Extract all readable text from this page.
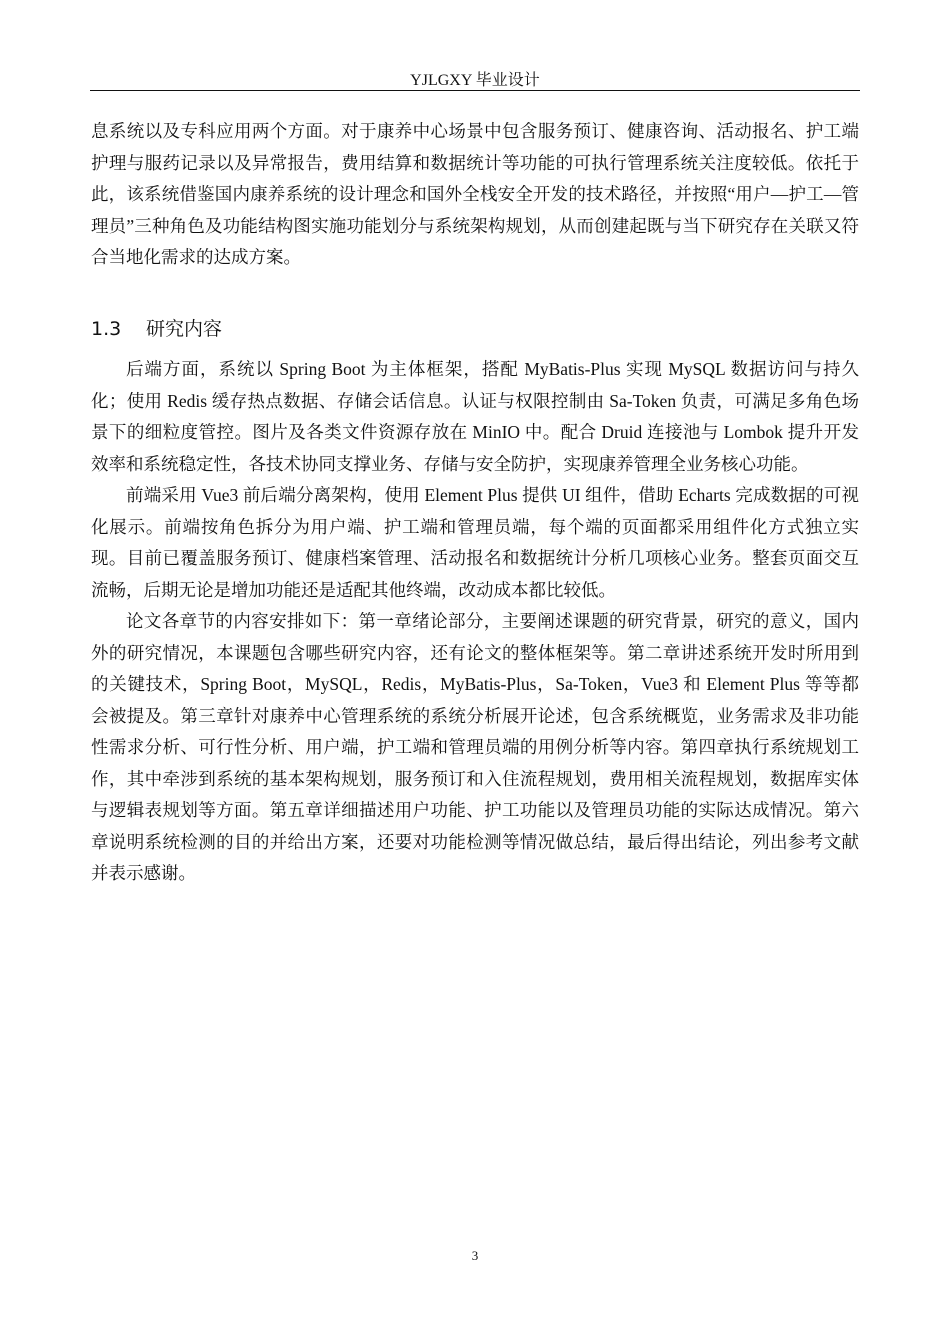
YJLGXY 毕业设计

息系统以及专科应用两个方面。对于康养中心场景中包含服务预订、健康咨询、活动报名、护工端护理与服药记录以及异常报告，费用结算和数据统计等功能的可执行管理系统关注度较低。依托于此，该系统借鉴国内康养系统的设计理念和国外全栈安全开发的技术路径，并按照“用户—护工—管理员”三种角色及功能结构图实施功能划分与系统架构规划，从而创建起既与当下研究存在关联又符合当地化需求的达成方案。

1.3 研究内容

后端方面，系统以 Spring Boot 为主体框架，搭配 MyBatis-Plus 实现 MySQL 数据访问与持久化；使用 Redis 缓存热点数据、存储会话信息。认证与权限控制由 Sa-Token 负责，可满足多角色场景下的细粒度管控。图片及各类文件资源存放在 MinIO 中。配合 Druid 连接池与 Lombok 提升开发效率和系统稳定性，各技术协同支撑业务、存储与安全防护，实现康养管理全业务核心功能。

前端采用 Vue3 前后端分离架构，使用 Element Plus 提供 UI 组件，借助 Echarts 完成数据的可视化展示。前端按角色拆分为用户端、护工端和管理员端，每个端的页面都采用组件化方式独立实现。目前已覆盖服务预订、健康档案管理、活动报名和数据统计分析几项核心业务。整套页面交互流畅，后期无论是增加功能还是适配其他终端，改动成本都比较低。

论文各章节的内容安排如下：第一章绪论部分，主要阐述课题的研究背景，研究的意义，国内外的研究情况，本课题包含哪些研究内容，还有论文的整体框架等。第二章讲述系统开发时所用到的关键技术，Spring Boot，MySQL，Redis，MyBatis-Plus，Sa-Token，Vue3 和 Element Plus 等等都会被提及。第三章针对康养中心管理系统的系统分析展开论述，包含系统概览，业务需求及非功能性需求分析、可行性分析、用户端，护工端和管理员端的用例分析等内容。第四章执行系统规划工作，其中牵涉到系统的基本架构规划，服务预订和入住流程规划，费用相关流程规划，数据库实体与逻辑表规划等方面。第五章详细描述用户功能、护工功能以及管理员功能的实际达成情况。第六章说明系统检测的目的并给出方案，还要对功能检测等情况做总结，最后得出结论，列出参考文献并表示感谢。

3
